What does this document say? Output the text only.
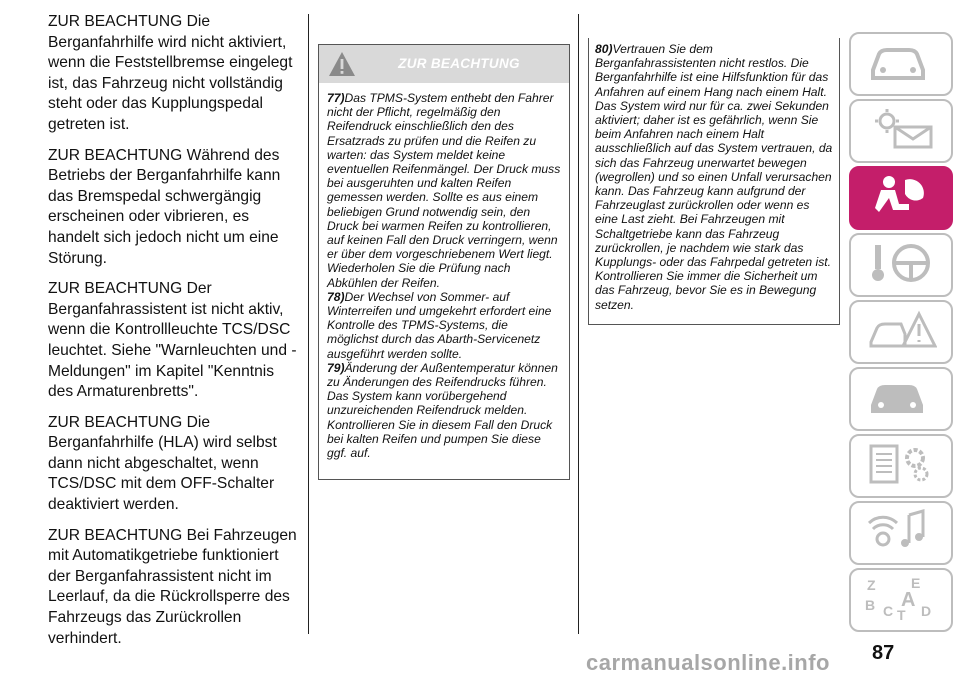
ZUR BEACHTUNG Die Berganfahrhilfe wird nicht aktiviert, wenn die Feststellbremse eingelegt ist, das Fahrzeug nicht vollständig steht oder das Kupplungspedal getreten ist.

ZUR BEACHTUNG Während des Betriebs der Berganfahrhilfe kann das Bremspedal schwergängig erscheinen oder vibrieren, es handelt sich jedoch nicht um eine Störung.

ZUR BEACHTUNG Der Berganfahrassistent ist nicht aktiv, wenn die Kontrollleuchte TCS/DSC leuchtet. Siehe "Warnleuchten und -Meldungen" im Kapitel "Kenntnis des Armaturenbretts".

ZUR BEACHTUNG Die Berganfahrhilfe (HLA) wird selbst dann nicht abgeschaltet, wenn TCS/DSC mit dem OFF-Schalter deaktiviert werden.

ZUR BEACHTUNG Bei Fahrzeugen mit Automatikgetriebe funktioniert der Berganfahrassistent nicht im Leerlauf, da die Rückrollsperre des Fahrzeugs das Zurückrollen verhindert.

ZUR BEACHTUNG

77)Das TPMS-System enthebt den Fahrer nicht der Pflicht, regelmäßig den Reifendruck einschließlich den des Ersatzrads zu prüfen und die Reifen zu warten: das System meldet keine eventuellen Reifenmängel. Der Druck muss bei ausgeruhten und kalten Reifen gemessen werden. Sollte es aus einem beliebigen Grund notwendig sein, den Druck bei warmen Reifen zu kontrollieren, auf keinen Fall den Druck verringern, wenn er über dem vorgeschriebenem Wert liegt. Wiederholen Sie die Prüfung nach Abkühlen der Reifen.

78)Der Wechsel von Sommer- auf Winterreifen und umgekehrt erfordert eine Kontrolle des TPMS-Systems, die möglichst durch das Abarth-Servicenetz ausgeführt werden sollte.

79)Änderung der Außentemperatur können zu Änderungen des Reifendrucks führen. Das System kann vorübergehend unzureichenden Reifendruck melden. Kontrollieren Sie in diesem Fall den Druck bei kalten Reifen und pumpen Sie diese ggf. auf.

80)Vertrauen Sie dem Berganfahrassistenten nicht restlos. Die Berganfahrhilfe ist eine Hilfsfunktion für das Anfahren auf einem Hang nach einem Halt. Das System wird nur für ca. zwei Sekunden aktiviert; daher ist es gefährlich, wenn Sie beim Anfahren nach einem Halt ausschließlich auf das System vertrauen, da sich das Fahrzeug unerwartet bewegen (wegrollen) und so einen Unfall verursachen kann. Das Fahrzeug kann aufgrund der Fahrzeuglast zurückrollen oder wenn es eine Last zieht. Bei Fahrzeugen mit Schaltgetriebe kann das Fahrzeug zurückrollen, je nachdem wie stark das Kupplungs- oder das Fahrpedal getreten ist. Kontrollieren Sie immer die Sicherheit um das Fahrzeug, bevor Sie es in Bewegung setzen.

Z	E
B A
C T D
87
carmanualsonline.info
